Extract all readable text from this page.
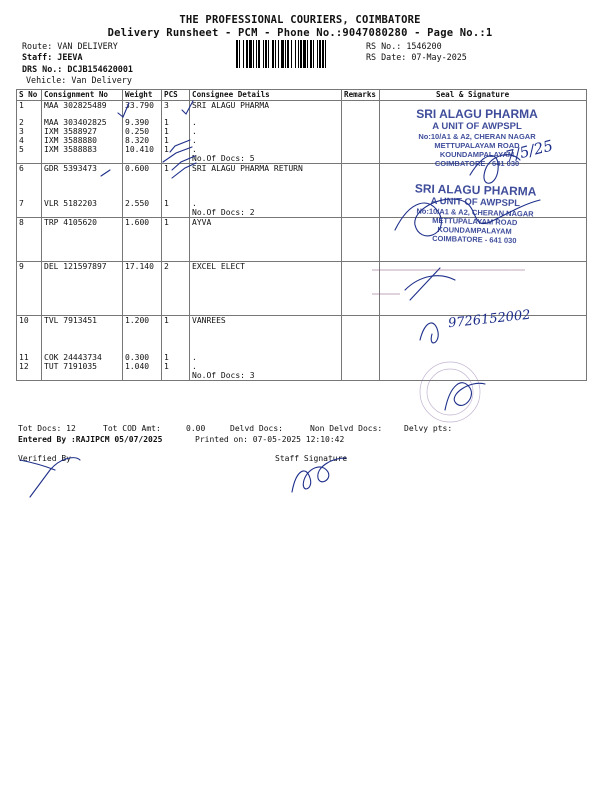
THE PROFESSIONAL COURIERS, COIMBATORE
Delivery Runsheet - PCM - Phone No.:9047080280 - Page No.:1
Route: VAN DELIVERY
Staff: JEEVA
DRS No.: DCJB154620001
Vehicle: Van Delivery
RS No.: 1546200
RS Date: 07-May-2025
S No	Consignment No	Weight	PCS	Consignee Details	Remarks	Seal & Signature
1	MAA 302825489	33.790	3	SRI ALAGU PHARMA		

2	MAA 303402825	9.390	1	.		
3	IXM 3588927	0.250	1	.		
4	IXM 3588880	8.320	1	.		
5	IXM 3588883	10.410	1	.		
				No.Of Docs: 5		
6	GDR 5393473	0.600	1	SRI ALAGU PHARMA RETURN		

7	VLR 5182203	2.550	1	.		
				No.Of Docs: 2		
8	TRP 4105620	1.600	1	AYVA		

9	DEL 121597897	17.140	2	EXCEL ELECT		

10	TVL 7913451	1.200	1	VANREES		

11	COK 24443734	0.300	1	.		
12	TUT 7191035	1.040	1	.		
				No.Of Docs: 3		
Tot Docs: 12	Tot COD Amt:	0.00	Delvd Docs:	Non Delvd Docs:	Delvy pts:
Entered By :RAJIPCM 05/07/2025	Printed on: 07-05-2025 12:10:42
Verified By	Staff Signature
SRI ALAGU PHARMA
A UNIT OF AWPSPL
No:10/A1 & A2, CHERAN NAGAR
METTUPALAYAM ROAD
KOUNDAMPALAYAM
COIMBATORE - 641 030
SRI ALAGU PHARMA
A UNIT OF AWPSPL
No:10/A1 & A2, CHERAN NAGAR
METTUPALAYAM ROAD
KOUNDAMPALAYAM
COIMBATORE - 641 030
7/5/25
9726152002
